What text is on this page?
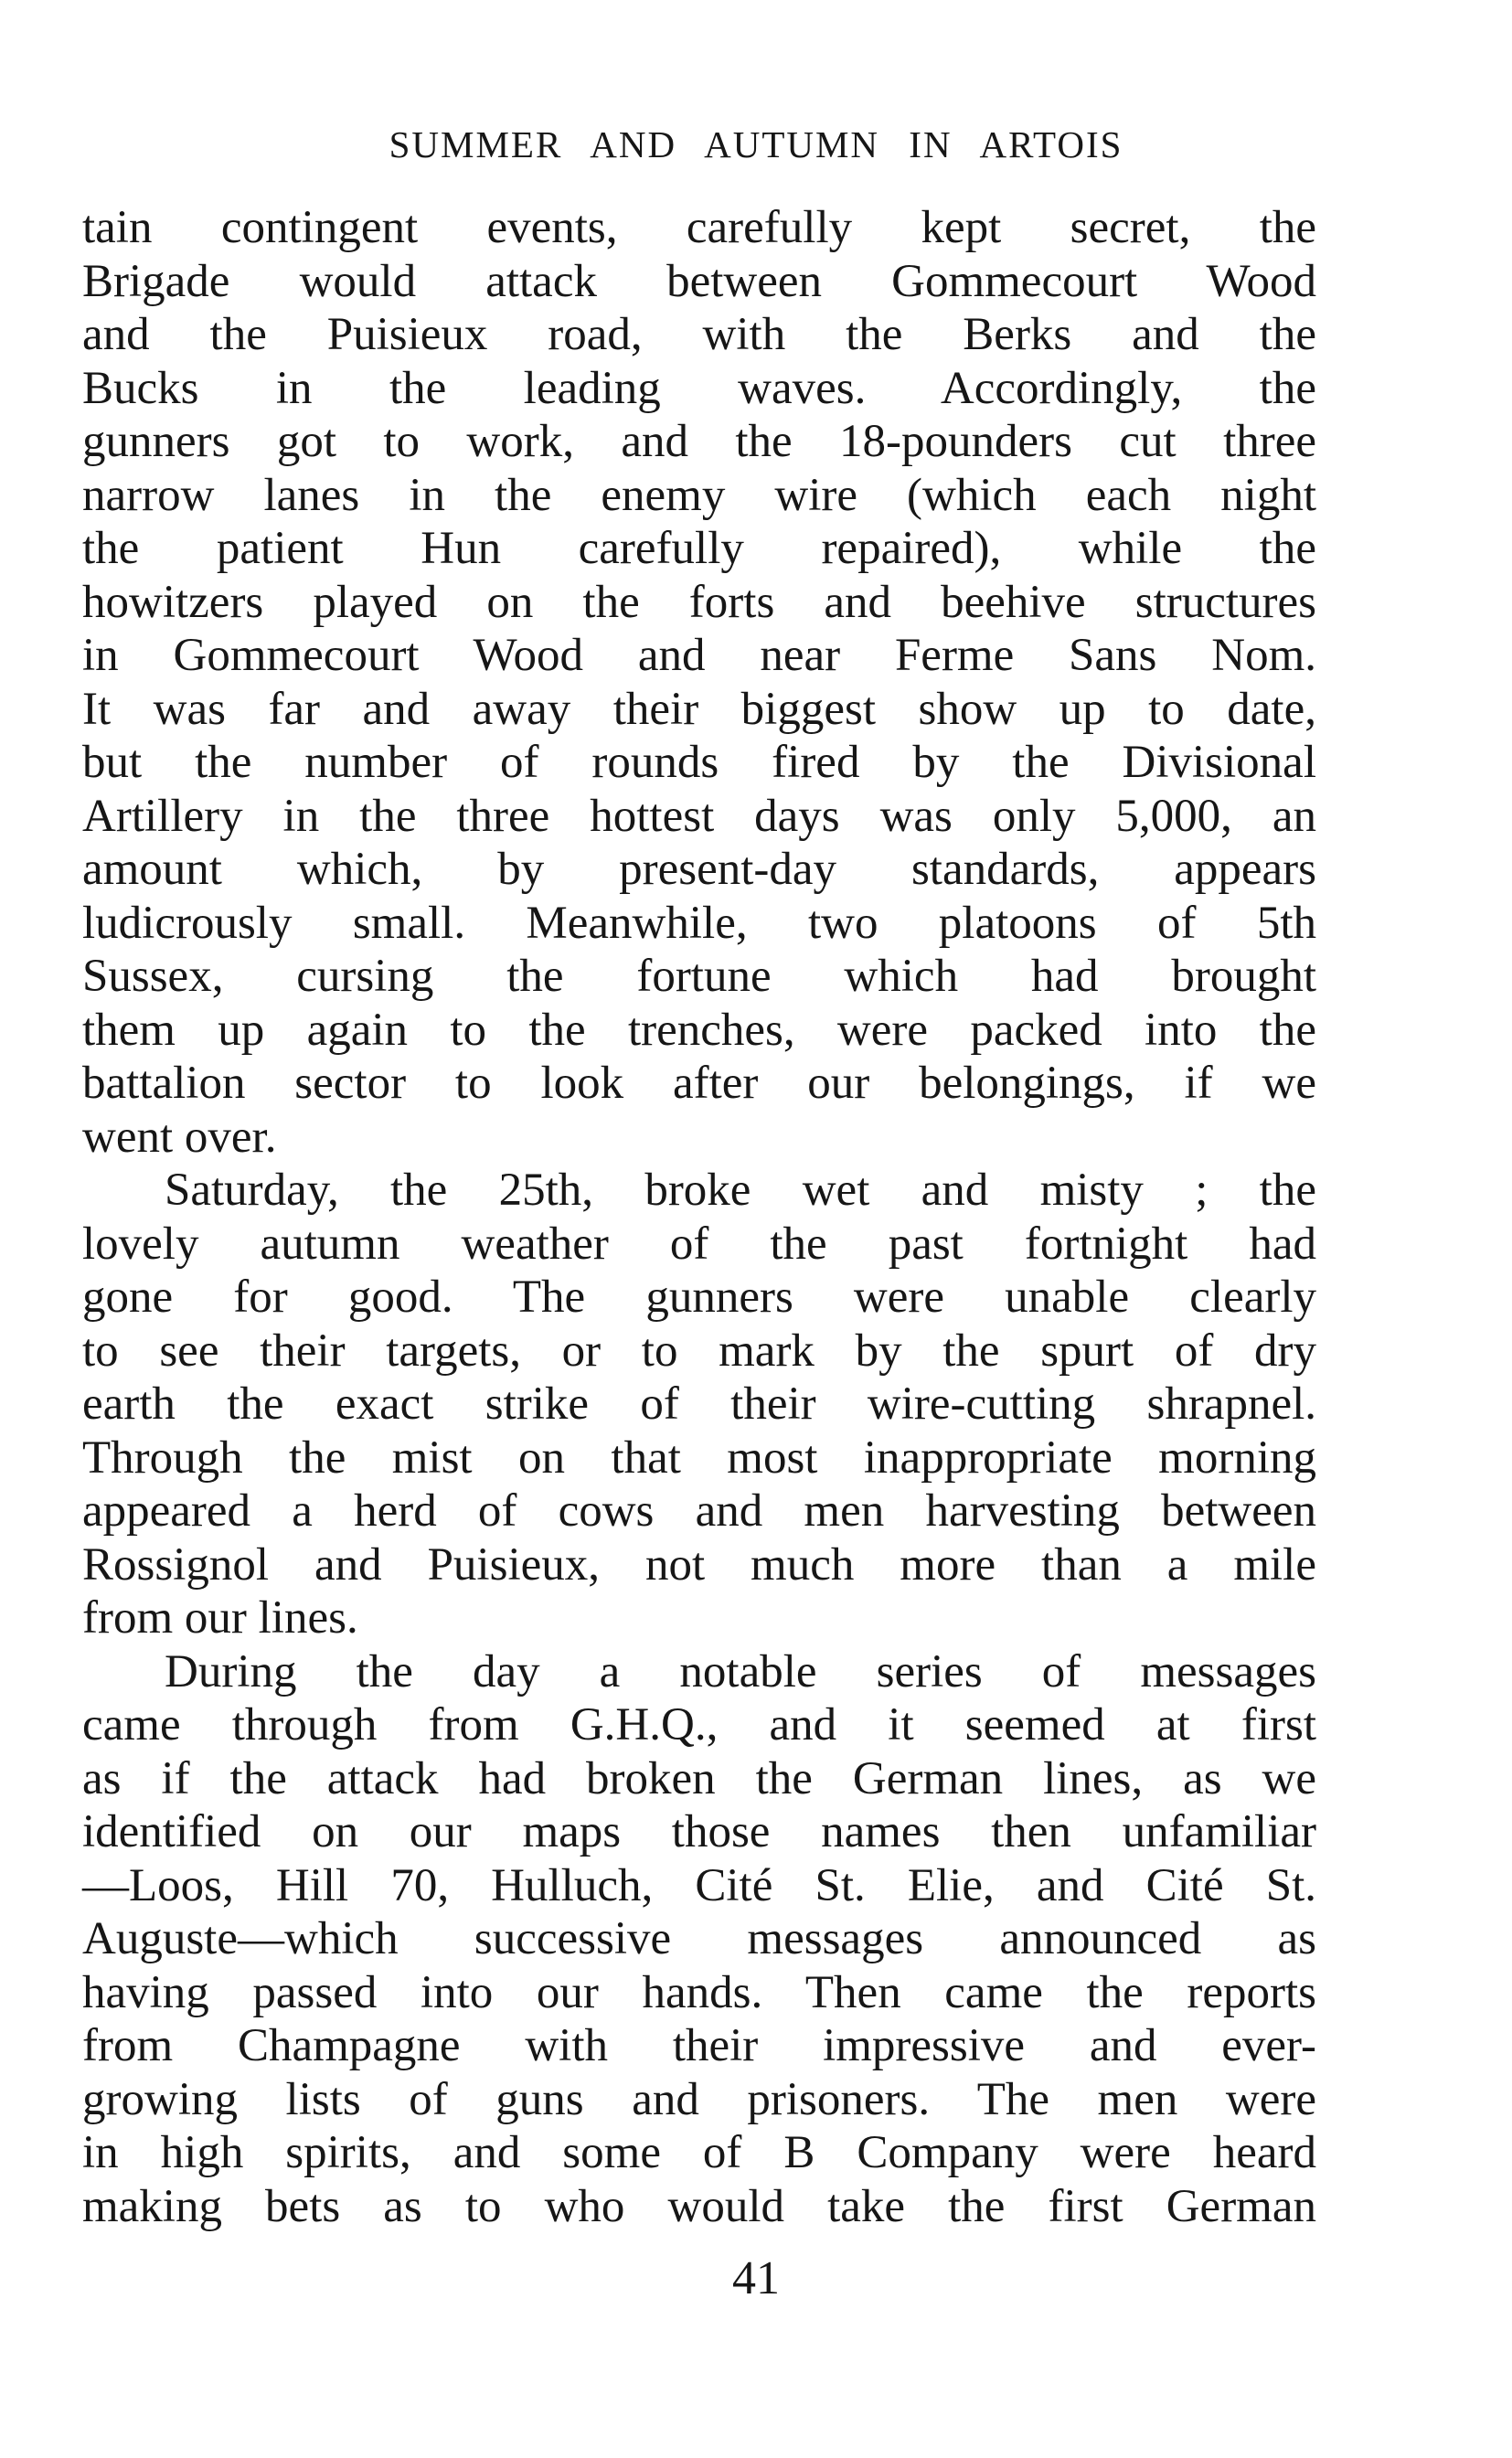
SUMMER AND AUTUMN IN ARTOIS
tain contingent events, carefully kept secret, the
Brigade would attack between Gommecourt Wood
and the Puisieux road, with the Berks and the
Bucks in the leading waves. Accordingly, the
gunners got to work, and the 18-pounders cut three
narrow lanes in the enemy wire (which each night
the patient Hun carefully repaired), while the
howitzers played on the forts and beehive structures
in Gommecourt Wood and near Ferme Sans Nom.
It was far and away their biggest show up to date,
but the number of rounds fired by the Divisional
Artillery in the three hottest days was only 5,000, an
amount which, by present-day standards, appears
ludicrously small. Meanwhile, two platoons of 5th
Sussex, cursing the fortune which had brought
them up again to the trenches, were packed into the
battalion sector to look after our belongings, if we
went over.
Saturday, the 25th, broke wet and misty ; the
lovely autumn weather of the past fortnight had
gone for good. The gunners were unable clearly
to see their targets, or to mark by the spurt of dry
earth the exact strike of their wire-cutting shrapnel.
Through the mist on that most inappropriate morning
appeared a herd of cows and men harvesting between
Rossignol and Puisieux, not much more than a mile
from our lines.
During the day a notable series of messages
came through from G.H.Q., and it seemed at first
as if the attack had broken the German lines, as we
identified on our maps those names then unfamiliar
—Loos, Hill 70, Hulluch, Cité St. Elie, and Cité St.
Auguste—which successive messages announced as
having passed into our hands. Then came the reports
from Champagne with their impressive and ever-
growing lists of guns and prisoners. The men were
in high spirits, and some of B Company were heard
making bets as to who would take the first German
41
